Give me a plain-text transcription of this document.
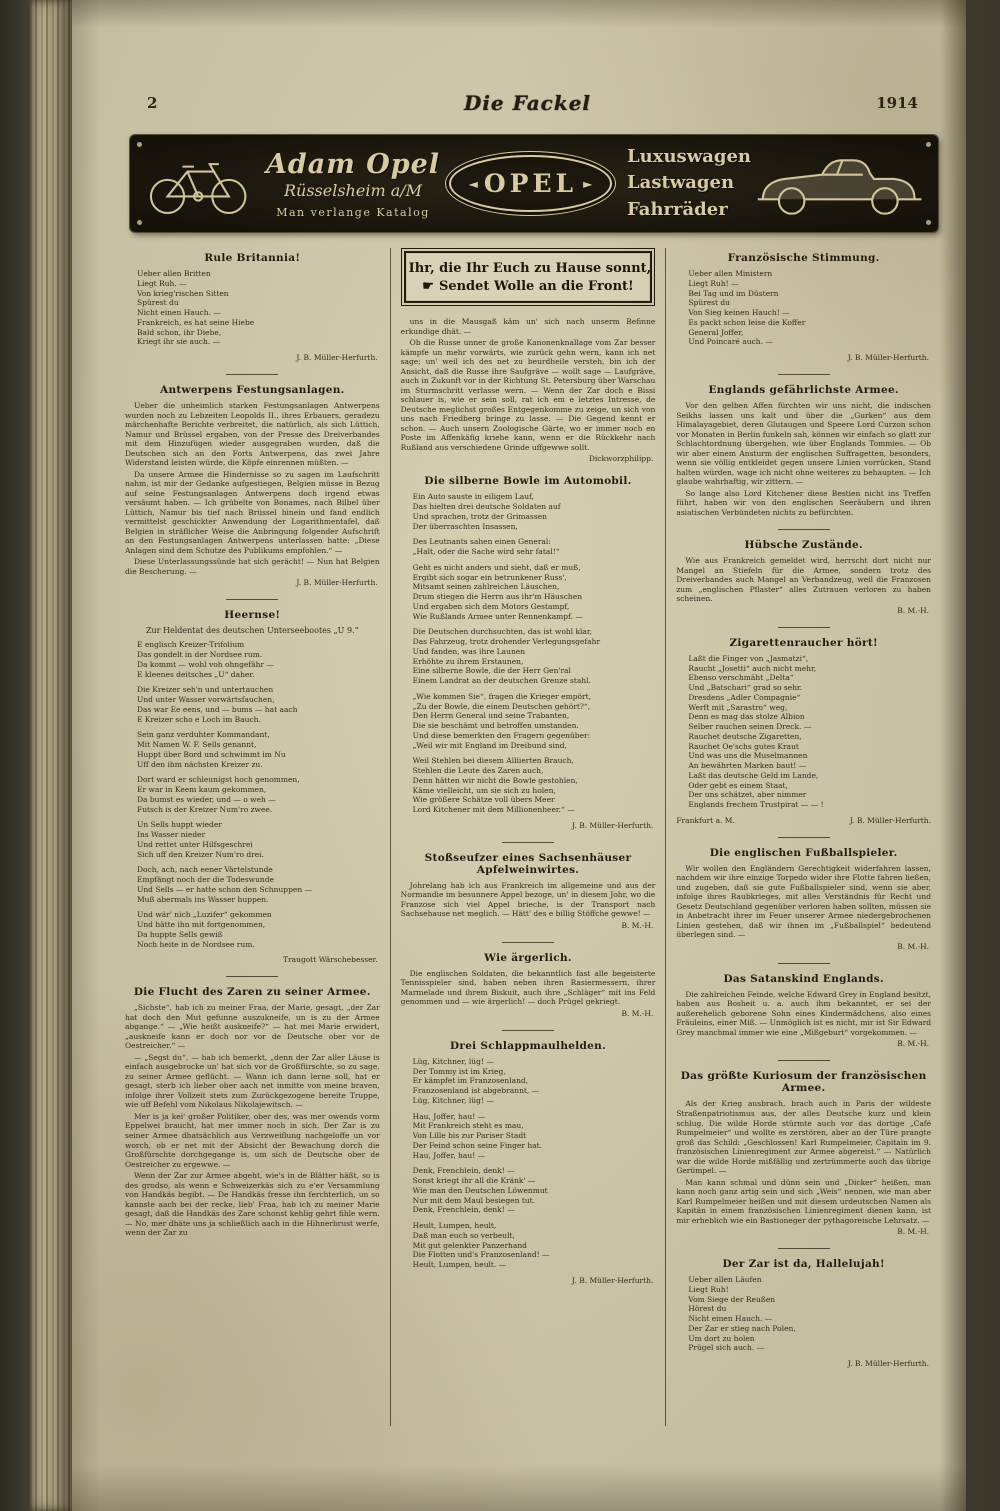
2	Die Fackel	1914
Adam Opel
Rüsselsheim a/M
Man verlange Katalog
◄ OPEL ►
Luxuswagen
Lastwagen
Fahrräder
Rule Britannia!
Ueber allen Britten
Liegt Ruh. —
Von krieg'rischen Sitten
Spürest du
Nicht einen Hauch. —
Frankreich, es hat seine Hiebe
Bald schon, ihr Diebe,
Kriegt ihr sie auch. —
J. B. Müller-Herfurth.
Antwerpens Festungsanlagen.

Ueber die unheimlich starken Festungsanlagen Antwerpens wurden noch zu Lebzeiten Leopolds II., ihres Erbauers, geradezu märchenhafte Berichte verbreitet, die natürlich, als sich Lüttich, Namur und Brüssel ergaben, von der Presse des Dreiverbandes mit dem Hinzufügen wieder ausgegraben wurden, daß die Deutschen sich an den Forts Antwerpens, das zwei Jahre Widerstand leisten würde, die Köpfe einrennen müßten. —

Da unsere Armee die Hindernisse so zu sagen im Laufschritt nahm, ist mir der Gedanke aufgestiegen, Belgien müsse in Bezug auf seine Festungsanlagen Antwerpens doch irgend etwas versäumt haben. — Ich grübelte von Bonames, nach Bilbel über Lüttich, Namur bis tief nach Brüssel hinein und fand endlich vermittelst geschickter Anwendung der Logarithmentafel, daß Belgien in sträflicher Weise die Anbringung folgender Aufschrift an den Festungsanlagen Antwerpens unterlassen hatte: „Diese Anlagen sind dem Schutze des Publikums empfohlen.“ —

Diese Unterlassungssünde hat sich gerächt! — Nun hat Belgien die Bescherung. —

J. B. Müller-Herfurth.
Heernse!
Zur Heldentat des deutschen Unterseebootes „U 9.“
E englisch Kreizer-Trifolium
Das gondelt in der Nordsee rum.
Da kommt — wohl voh ohngefähr —
E kleenes deitsches „U“ daher.
Die Kreizer seh'n und untertauchen
Und unter Wasser vorwärtsfauchen,
Das war Ee eens, und — bums — hat aach
E Kreizer scho e Loch im Bauch.
Sein ganz verduhter Kommandant,
Mit Namen W. F. Sells genannt,
Huppt über Bord und schwimmt im Nu
Uff den ihm nächsten Kreizer zu.
Dort ward er schleunigst hoch genommen,
Er war in Keem kaum gekommen,
Da bumst es wieder, und — o weh —
Futsch is der Kreizer Num'ro zwee.
Un Sells huppt wieder
Ins Wasser nieder
Und rettet unter Hilfsgeschrei
Sich uff den Kreizer Num'ro drei.
Doch, ach, nach eener Värtelstunde
Empfängt noch der die Todeswunde
Und Sells — er hatte schon den Schnuppen —
Muß abermals ins Wasser huppen.
Und wär' nich „Luzifer“ gekommen
Und hätte ihn mit fortgenommen,
Da huppte Sells gewiß
Noch heite in de Nordsee rum.
Traugott Wärschebesser.
Die Flucht des Zaren zu seiner Armee.

„Sichste“, hab ich zu meiner Fraa, der Marie, gesagt, „der Zar hat doch den Mut gefunne auszukneife, un is zu der Armee abgange.“ — „Wie heißt auskneife?“ — hat mei Marie erwidert, „auskneife kann er doch nor vor de Deutsche ober vor de Oestreicher.“ —

— „Segst du“, — hab ich bemerkt, „denn der Zar aller Läuse is einfach ausgebrocke un' hat sich vor de Großfürschte, so zu sage, zu seiner Armee geflücht. — Wann ich dann lerne soll, hat er gesagt, sterb ich lieber ober aach net inmitte von meine braven, infolge ihrer Vollzeit stets zum Zurückgezogene bereite Truppe, wie uff Befehl vom Nikolaus Nikolajewitsch. —

Mer is ja kei' großer Politiker, ober des, was mer owends vorm Eppelwei braucht, hat mer immer noch in sich. Der Zar is zu seiner Armee dhatsächlich aus Verzweiflung nachgeloffe un vor worch, ob er net mit der Absicht der Bewachung dorch die Großfürschte dorchgegange is, um sich de Deutsche ober de Oestreicher zu ergewwe. —

Wenn der Zar zur Armee abgeht, wie's in de Blätter häßt, so is des grodso, als wenn e Schweizerkäs sich zu e'er Versammlung von Handkäs begibt. — De Handkäs fresse ihn ferchterlich, un so kannste aach bei der recke, lieb' Fraa, hab ich zu meiner Marie gesagt, daß die Handkäs des Zare schonst kehlig gehrt fihle wern. — No, mer dhäte uns ja schließlich aach in die Hihnerbrust werfe, wenn der Zar zu

Ihr, die Ihr Euch zu Hause sonnt,
☛ Sendet Wolle an die Front!

uns in die Mausgaß käm un' sich nach unserm Befinne erkundige dhät. —

Ob die Russe unner de große Kanonenknallage vom Zar besser kämpfe un mehr vorwärts, wie zurück gehn wern, kann ich net sage; un' weil ich des net zu beurdheile versteh, bin ich der Ansicht, daß die Russe ihre Saufgräve — wollt sage — Laufgräve, auch in Zukunft vor in der Richtung St. Petersburg über Warschau im Sturmschritt verlasse wern. — Wenn der Zar doch e Bissi schlauer is, wie er sein soll, rat ich em e letztes Intresse, de Deutsche meglichst großes Entgegenkomme zu zeige, un sich von uns nach Friedberg bringe zu lasse. — Die Gegend kennt er schon. — Auch unsern Zoologische Gärte, wo er immer noch en Poste im Affenkäfig kriehe kann, wenn er die Rückkehr nach Rußland aus verschiedene Grinde uffgewwe sollt.

Dickworzphilipp.
Die silberne Bowle im Automobil.
Ein Auto sauste in eiligem Lauf,
Das hielten drei deutsche Soldaten auf
Und sprachen, trotz der Grimassen
Der überraschten Insassen,
Des Leutnants sahen einen General:
„Halt, oder die Sache wird sehr fatal!“
Geht es nicht anders und sieht, daß er muß,
Ergibt sich sogar ein betrunkener Russ',
Mitsamt seinen zahlreichen Läuschen,
Drum stiegen die Herrn aus ihr'm Häuschen
Und ergaben sich dem Motors Gestampf,
Wie Rußlands Armee unter Rennenkampf. —
Die Deutschen durchsuchten, das ist wohl klar,
Das Fahrzeug, trotz drohender Verlegungsgefahr
Und fanden, was ihre Launen
Erhöhte zu ihrem Erstaunen,
Eine silberne Bowle, die der Herr Gen'ral
Einem Landrat an der deutschen Grenze stahl.
„Wie kommen Sie“, fragen die Krieger empört,
„Zu der Bowle, die einem Deutschen gehört?“,
Den Herrn General und seine Trabanten,
Die sie beschämt und betroffen umstanden.
Und diese bemerkten den Fragern gegenüber:
„Weil wir mit England im Dreibund sind,
Weil Stehlen bei diesem Alliierten Brauch,
Stehlen die Leute des Zaren auch,
Denn hätten wir nicht die Bowle gestohlen,
Käme vielleicht, um sie sich zu holen,
Wie größere Schätze voll übers Meer
Lord Kitchener mit dem Millionenheer.“ —
J. B. Müller-Herfurth.
Stoßseufzer eines Sachsenhäuser Apfelweinwirtes.

Johrelang hab ich aus Frankreich im allgemeine und aus der Normandie im besunnere Appel bezoge, un' in diesem Johr, wo die Franzose sich viel Appel brieche, is der Transport nach Sachsehause net meglich. — Hätt' des e billig Stöffche gewwe! —

B. M.-H.
Wie ärgerlich.

Die englischen Soldaten, die bekanntlich fast alle begeisterte Tennisspieler sind, haben neben ihren Rasiermessern, ihrer Marmelade und ihrem Biskuit, auch ihre „Schläger“ mit ins Feld genommen und — wie ärgerlich! — doch Prügel gekriegt.

B. M.-H.
Drei Schlappmaulhelden.
Lüg, Kitchner, lüg! —
Der Tommy ist im Krieg,
Er kämpfet im Franzosenland,
Franzosenland ist abgebrannt, —
Lüg, Kitchner, lüg! —
Hau, Joffer, hau! —
Mit Frankreich steht es mau,
Von Lille bis zur Pariser Stadt
Der Feind schon seine Finger hat.
Hau, Joffer, hau! —
Denk, Frenchlein, denk! —
Sonst kriegt ihr all die Kränk' —
Wie man den Deutschen Löwenmut
Nur mit dem Maul besiegen tut.
Denk, Frenchlein, denk! —
Heult, Lumpen, heult,
Daß man euch so verbeult,
Mit gut gelenkter Panzerhand
Die Flotten und's Franzosenland! —
Heult, Lumpen, heult. —
J. B. Müller-Herfurth.
Französische Stimmung.
Ueber allen Ministern
Liegt Ruh! —
Bei Tag und im Düstern
Spürest du
Von Sieg keinen Hauch! —
Es packt schon leise die Koffer
General Joffer,
Und Poincaré auch. —
J. B. Müller-Herfurth.
Englands gefährlichste Armee.

Vor den gelben Affen fürchten wir uns nicht, die indischen Seikhs lassen uns kalt und über die „Gurken“ aus dem Himalayagebiet, deren Glutaugen und Speere Lord Curzon schon vor Monaten in Berlin funkeln sah, können wir einfach so glatt zur Schlachtordnung übergehen, wie über Englands Tommies. — Ob wir aber einem Ansturm der englischen Suffragetten, besonders, wenn sie völlig entkleidet gegen unsere Linien vorrücken, Stand halten würden, wage ich nicht ohne weiteres zu behaupten. — Ich glaube wahrhaftig, wir zittern. —

So lange also Lord Kitchener diese Bestien nicht ins Treffen führt, haben wir von den englischen Seeräubern und ihren asiatischen Verbündeten nichts zu befürchten.

Hübsche Zustände.

Wie aus Frankreich gemeldet wird, herrscht dort nicht nur Mangel an Stiefeln für die Armee, sondern trotz des Dreiverbandes auch Mangel an Verbandzeug, weil die Franzosen zum „englischen Pflaster“ alles Zutrauen verloren zu haben scheinen.

B. M.-H.
Zigarettenraucher hört!
Laßt die Finger von „Jasmatzi“,
Raucht „Josetti“ auch nicht mehr,
Ebenso verschmäht „Delta“
Und „Batschari“ grad so sehr.
Dresdens „Adler Compagnie“
Werft mit „Sarastro“ weg,
Denn es mag das stolze Albion
Selber rauchen seinen Dreck. —
Rauchet deutsche Zigaretten,
Rauchet Oe'schs gutes Kraut
Und was uns die Muselmannen
An bewährten Marken baut! —
Laßt das deutsche Geld im Lande,
Oder gebt es einem Staat,
Der uns schätzet, aber nimmer
Englands frechem Trustpirat — — !
Frankfurt a. M.	J. B. Müller-Herfurth.
Die englischen Fußballspieler.

Wir wollen den Engländern Gerechtigkeit widerfahren lassen, nachdem wir ihre einzige Torpedo wider ihre Flotte fahren ließen, und zugeben, daß sie gute Fußballspieler sind, wenn sie aber, infolge ihres Raubkrieges, mit alles Verständnis für Recht und Gesetz Deutschland gegenüber verloren haben sollten, müssen sie in Anbetracht ihrer im Feuer unserer Armee niedergebrochenen Linien gestehen, daß wir ihnen im „Fußballspiel“ bedeutend überlegen sind. —

B. M.-H.
Das Satanskind Englands.

Die zahlreichen Feinde, welche Edward Grey in England besitzt, haben aus Bosheit u. a. auch ihm bekanntet, er sei der außerehelich geborene Sohn eines Kindermädchens, also eines Fräuleins, einer Miß. — Unmöglich ist es nicht, mir ist Sir Edward Grey manchmal immer wie eine „Mißgeburt“ vorgekommen. —

B. M.-H.
Das größte Kuriosum der französischen Armee.

Als der Krieg ausbrach, brach auch in Paris der wildeste Straßenpatriotismus aus, der alles Deutsche kurz und klein schlug. Die wilde Horde stürmte auch vor das dortige „Café Rumpelmeier“ und wollte es zerstören, aber an der Türe prangte groß das Schild: „Geschlossen! Karl Rumpelmeier, Capitain im 9. französischen Linienregiment zur Armee abgereist.“ — Natürlich war die wilde Horde mißfällig und zertrümmerte auch das übrige Gerümpel. —

Man kann schmal und dünn sein und „Dicker“ heißen, man kann noch ganz artig sein und sich „Weis“ nennen, wie man aber Karl Rumpelmeier heißen und mit diesem urdeutschen Namen als Kapitän in einem französischen Linienregiment dienen kann, ist mir erheblich wie ein Bastioneger der pythagoreische Lehrsatz. —

B. M.-H.
Der Zar ist da, Hallelujah!
Ueber allen Läufen
Liegt Ruh!
Vom Siege der Reußen
Hörest du
Nicht einen Hauch. —
Der Zar er stieg nach Polen,
Um dort zu holen
Prügel sich auch. —
J. B. Müller-Herfurth.
